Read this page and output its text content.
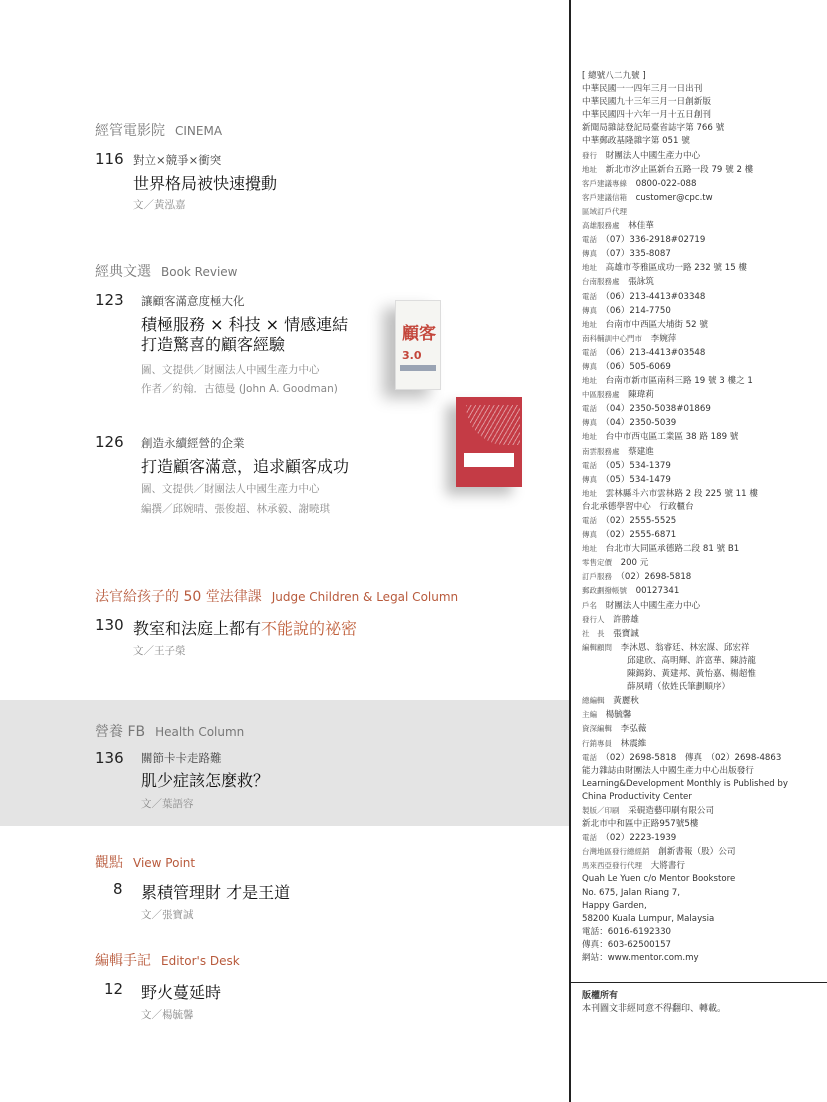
經管電影院 CINEMA
116 對立×競爭×衝突
世界格局被快速攪動
文／黃泓嘉
經典文選 Book Review
123 讓顧客滿意度極大化
積極服務 × 科技 × 情感連結
打造驚喜的顧客經驗
圖、文提供／財團法人中國生產力中心
作者／約翰．古德曼 (John A. Goodman)
顧客3.0
126 創造永續經營的企業
打造顧客滿意，追求顧客成功
圖、文提供／財團法人中國生產力中心
編撰／邱婉晴、張俊超、林承毅、謝曉琪
法官給孩子的 50 堂法律課 Judge Children & Legal Column
130 教室和法庭上都有不能說的祕密
文／王子榮
營養 FB Health Column
136 關節卡卡走路難
肌少症該怎麼救？
文／葉語容
觀點 View Point
8 累積管理財 才是王道
文／張寶誠
編輯手記 Editor's Desk
12 野火蔓延時
文／楊毓馨
[ 總號八二九號 ]
中華民國一一四年三月一日出刊
中華民國九十三年三月一日創新版
中華民國四十六年一月十五日創刊
新聞局雜誌登記局臺省誌字第 766 號
中華郵政基隆雜字第 051 號
發行　 財團法人中國生產力中心
地址　 新北市汐止區新台五路一段 79 號 2 樓
客戶建議專線　 0800-022-088
客戶建議信箱　 customer@cpc.tw
區域訂戶代理　
高雄服務處　 林佳華
電話　 （07）336-2918#02719
傳真　 （07）335-8087
地址　 高雄市苓雅區成功一路 232 號 15 樓
台南服務處　 張詠筑
電話　 （06）213-4413#03348
傳真　 （06）214-7750
地址　 台南市中西區大埔街 52 號
南科輔訓中心門市　 李婉萍
電話　 （06）213-4413#03548
傳真　 （06）505-6069
地址　 台南市新市區南科三路 19 號 3 樓之 1
中區服務處　 陳瑋莉
電話　 （04）2350-5038#01869
傳真　 （04）2350-5039
地址　 台中市西屯區工業區 38 路 189 號
南雲服務處　 蔡建進
電話　 （05）534-1379
傳真　 （05）534-1479
地址　 雲林縣斗六市雲林路 2 段 225 號 11 樓
台北承德學習中心　行政櫃台
電話　 （02）2555-5525
傳真　 （02）2555-6871
地址　 台北市大同區承德路二段 81 號 B1
零售定價　 200 元
訂戶服務　 （02）2698-5818
郵政劃撥帳號　 00127341
戶名　 財團法人中國生產力中心
發行人　 許勝雄
社　長　 張寶誠
編輯顧問　 李沐恩、翁睿廷、林宏謀、邱宏祥
邱建欣、高明輝、許富華、陳詩龍
陳錫鈞、黃建邦、黃怡嘉、楊超惟
薛夙晴（依姓氏筆劃順序）
總編輯　 黃麗秋
主編　 楊毓馨
資深編輯　 李弘薇
行銷專員　 林震維
電話　 （02）2698-5818　傳真　（02）2698-4863
能力雜誌由財團法人中國生產力中心出版發行
Learning&Development Monthly is Published by
China Productivity Center
製版／印刷　 采硯造藝印刷有限公司
新北市中和區中正路957號5樓
電話　 （02）2223-1939
台灣地區發行總經銷　 創新書報（股）公司
馬來西亞發行代理　 大將書行
Quah Le Yuen c/o Mentor Bookstore
No. 675, Jalan Riang 7,
Happy Garden,
58200 Kuala Lumpur, Malaysia
電話：6016-6192330
傳真：603-62500157
網站：www.mentor.com.my
版權所有
本刊圖文非經同意不得翻印、轉載。
